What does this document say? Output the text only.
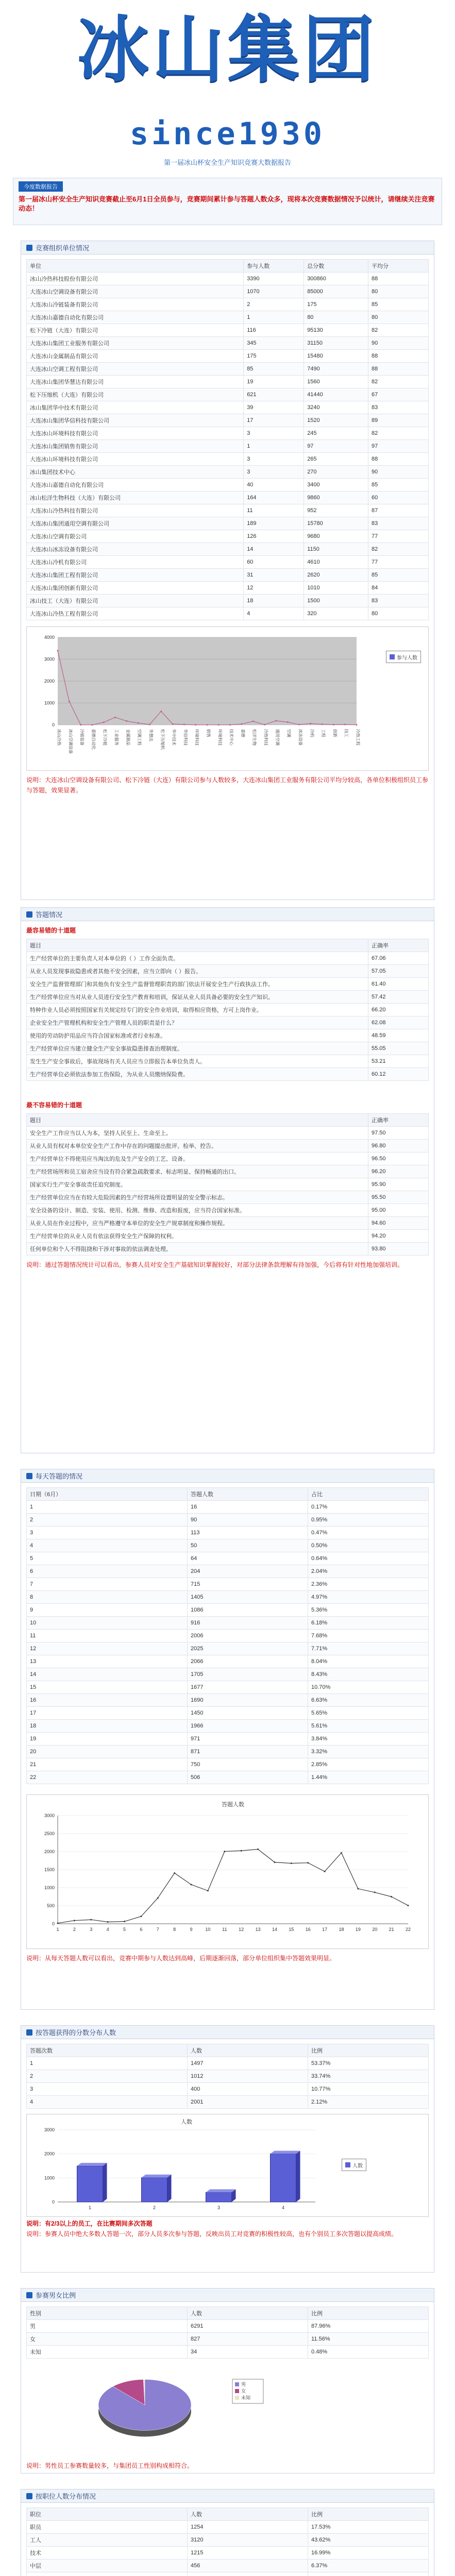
冰山集团
since1930
第一届冰山杯安全生产知识竞赛大数据报告
今度数据报告
第一届冰山杯安全生产知识竞赛截止至6月1日全员参与，竞赛期间累计参与答题人数众多，现将本次竞赛数据情况予以统计，请继续关注竞赛动态！
竞赛组织单位情况
单位	参与人数	总分数	平均分
冰山冷热科技股份有限公司	3390	300860	88
大连冰山空调设备有限公司	1070	85000	80
大连冰山冷链装备有限公司	2	175	85
大连冰山嘉德自动化有限公司	1	80	80
松下冷链（大连）有限公司	116	95130	82
大连冰山集团工业服务有限公司	345	31150	90
大连冰山金属制品有限公司	175	15480	88
大连冰山空调工程有限公司	85	7490	88
大连冰山集团华慧达有限公司	19	1560	82
松下压缩机（大连）有限公司	621	41440	67
冰山集团华中技术有限公司	39	3240	83
大连冰山集团华信科技有限公司	17	1520	89
大连冰山环境科技有限公司	3	245	82
大连冰山集团销售有限公司	1	97	97
大连冰山环境科技有限公司	3	265	88
冰山集团技术中心	3	270	90
大连冰山嘉德自动化有限公司	40	3400	85
冰山松洋生物科技（大连）有限公司	164	9860	60
大连冰山冷热科技有限公司	11	952	87
大连冰山集团通用空调有限公司	189	15780	83
大连冰山空调有限公司	126	9680	77
大连冰山冰冻设备有限公司	14	1150	82
大连冰山冷机有限公司	60	4610	77
大连冰山集团工程有限公司	31	2620	85
大连冰山集团创新有限公司	12	1010	84
冰山技工（大连）有限公司	18	1500	83
大连冰山冷热工程有限公司	4	320	80
0
1000
2000
3000
4000
冰山冷热 冰山空调设备 冷链装备 嘉德自动化 松下冷链 工业服务 金属制品 空调工程 华慧达 松下压缩机 华中技术 华信科技 环境科技 销售 环境科技 技术中心 嘉德 松洋生物 冷热科技 通用空调 空调 冰冻设备 冷机 工程 创新 技工 冷热工程
参与人数
说明：大连冰山空调设备有限公司、松下冷链（大连）有限公司参与人数较多，大连冰山集团工业服务有限公司平均分较高，各单位积极组织员工参与答题，效果显著。
答题情况
最容易错的十道题
题目	正确率
生产经营单位的主要负责人对本单位的（ ）工作全面负责。	67.06
从业人员发现事故隐患或者其他不安全因素，应当立即向（ ）报告。	57.05
安全生产监督管理部门和其他负有安全生产监督管理职责的部门依法开展安全生产行政执法工作。	61.40
生产经营单位应当对从业人员进行安全生产教育和培训，保证从业人员具备必要的安全生产知识。	57.42
特种作业人员必须按照国家有关规定经专门的安全作业培训，取得相应资格，方可上岗作业。	66.20
企业安全生产管理机构和安全生产管理人员的职责是什么？	62.08
使用的劳动防护用品应当符合国家标准或者行业标准。	48.59
生产经营单位应当建立健全生产安全事故隐患排查治理制度。	55.05
发生生产安全事故后，事故现场有关人员应当立即报告本单位负责人。	53.21
生产经营单位必须依法参加工伤保险，为从业人员缴纳保险费。	60.12
最不容易错的十道题
题目	正确率
安全生产工作应当以人为本，坚持人民至上、生命至上。	97.50
从业人员有权对本单位安全生产工作中存在的问题提出批评、检举、控告。	96.80
生产经营单位不得使用应当淘汰的危及生产安全的工艺、设备。	96.50
生产经营场所和员工宿舍应当设有符合紧急疏散要求、标志明显、保持畅通的出口。	96.20
国家实行生产安全事故责任追究制度。	95.90
生产经营单位应当在有较大危险因素的生产经营场所设置明显的安全警示标志。	95.50
安全设备的设计、制造、安装、使用、检测、维修、改造和报废，应当符合国家标准。	95.00
从业人员在作业过程中，应当严格遵守本单位的安全生产规章制度和操作规程。	94.60
生产经营单位的从业人员有依法获得安全生产保障的权利。	94.20
任何单位和个人不得阻挠和干涉对事故的依法调查处理。	93.80
说明：通过答题情况统计可以看出，参赛人员对安全生产基础知识掌握较好，对部分法律条款理解有待加强，今后将有针对性地加强培训。
每天答题的情况
日期（6月）	答题人数	占比
1	16	0.17%
2	90	0.95%
3	113	0.47%
4	50	0.50%
5	64	0.64%
6	204	2.04%
7	715	2.36%
8	1405	4.97%
9	1086	5.36%
10	916	6.18%
11	2006	7.68%
12	2025	7.71%
13	2066	8.04%
14	1705	8.43%
15	1677	10.70%
16	1690	6.63%
17	1450	5.65%
18	1966	5.61%
19	971	3.84%
20	871	3.32%
21	750	2.85%
22	506	1.44%
答题人数
0
500
1000
1500
2000
2500
3000
1	2	3	4	5	6	7	8	9	10	11	12 13 14 15 16 17 18 19 20 21 22
说明：从每天答题人数可以看出，竞赛中期参与人数达到高峰，后期逐渐回落，部分单位组织集中答题效果明显。
按答题获得的分数分布人数
答题次数	人数	比例
1	1497	53.37%
2	1012	33.74%
3	400	10.77%
4	2001	2.12%
人数
0
1000
2000
3000
1	2	3	4
人数
说明：有2/3以上的员工，在比赛期间多次答题
说明：参赛人员中绝大多数人答题一次，部分人员多次参与答题，反映出员工对竞赛的积极性较高，也有个别员工多次答题以提高成绩。
参赛男女比例
性别	人数	比例
男	6291	87.96%
女	827	11.56%
未知	34	0.48%
男
女
未知
说明：男性员工参赛数量较多，与集团员工性别构成相符合。
按职位人数分布情况
职位	人数	比例
职员	1254	17.53%
工人	3120	43.62%
技术	1215	16.99%
中层	456	6.37%
